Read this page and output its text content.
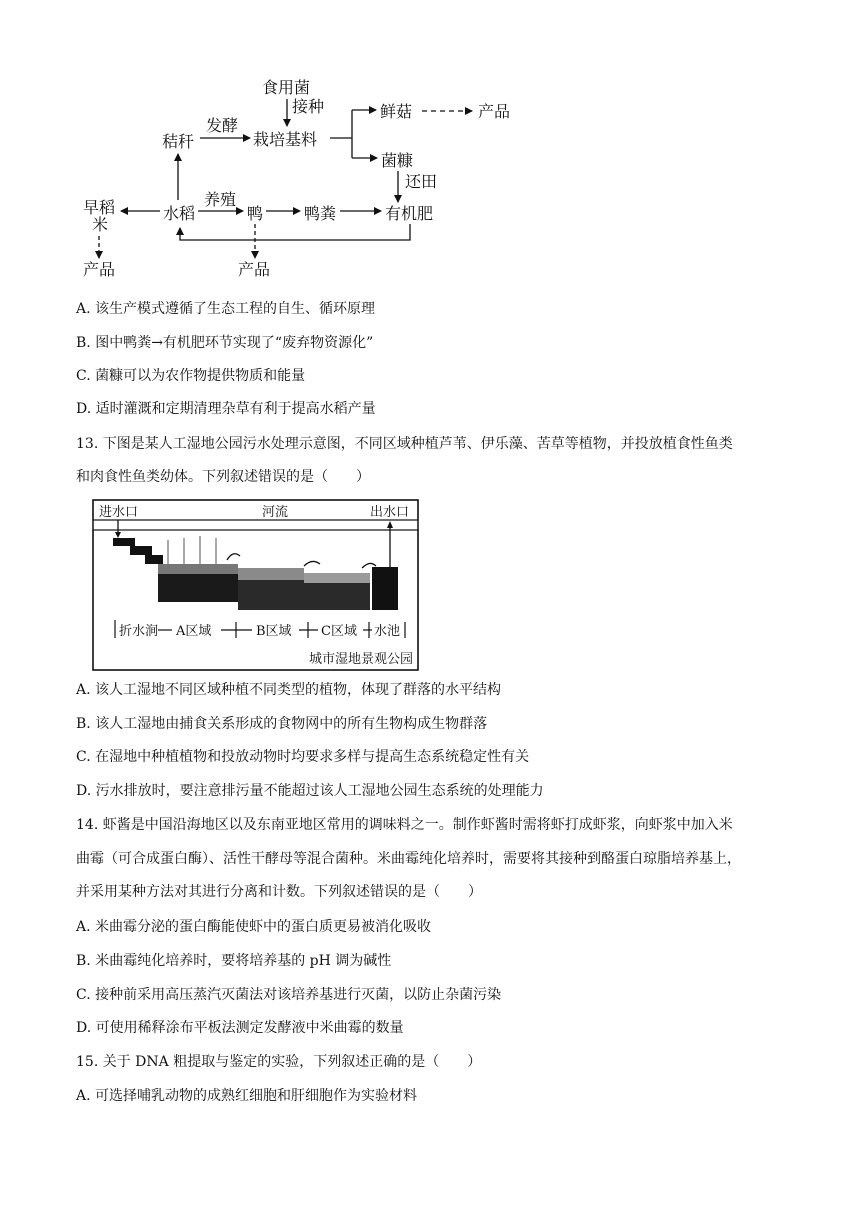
食用菌
接种
秸秆
发酵
栽培基料
鲜菇	产品
菌糠
还田
早稻
米
水稻
养殖
鸭	鸭粪	有机肥
产品	产品
A. 该生产模式遵循了生态工程的自生、循环原理
B. 图中鸭粪→有机肥环节实现了“废弃物资源化”
C. 菌糠可以为农作物提供物质和能量
D. 适时灌溉和定期清理杂草有利于提高水稻产量
13. 下图是某人工湿地公园污水处理示意图，不同区域种植芦苇、伊乐藻、苦草等植物，并投放植食性鱼类
和肉食性鱼类幼体。下列叙述错误的是（　　）
进水口	河流	出水口
折水涧 A区域	B区域 C区域 水池
城市湿地景观公园
A. 该人工湿地不同区域种植不同类型的植物，体现了群落的水平结构
B. 该人工湿地由捕食关系形成的食物网中的所有生物构成生物群落
C. 在湿地中种植植物和投放动物时均要求多样与提高生态系统稳定性有关
D. 污水排放时，要注意排污量不能超过该人工湿地公园生态系统的处理能力
14. 虾酱是中国沿海地区以及东南亚地区常用的调味料之一。制作虾酱时需将虾打成虾浆，向虾浆中加入米
曲霉（可合成蛋白酶）、活性干酵母等混合菌种。米曲霉纯化培养时，需要将其接种到酪蛋白琼脂培养基上，
并采用某种方法对其进行分离和计数。下列叙述错误的是（　　）
A. 米曲霉分泌的蛋白酶能使虾中的蛋白质更易被消化吸收
B. 米曲霉纯化培养时，要将培养基的 pH 调为碱性
C. 接种前采用高压蒸汽灭菌法对该培养基进行灭菌，以防止杂菌污染
D. 可使用稀释涂布平板法测定发酵液中米曲霉的数量
15. 关于 DNA 粗提取与鉴定的实验，下列叙述正确的是（　　）
A. 可选择哺乳动物的成熟红细胞和肝细胞作为实验材料
